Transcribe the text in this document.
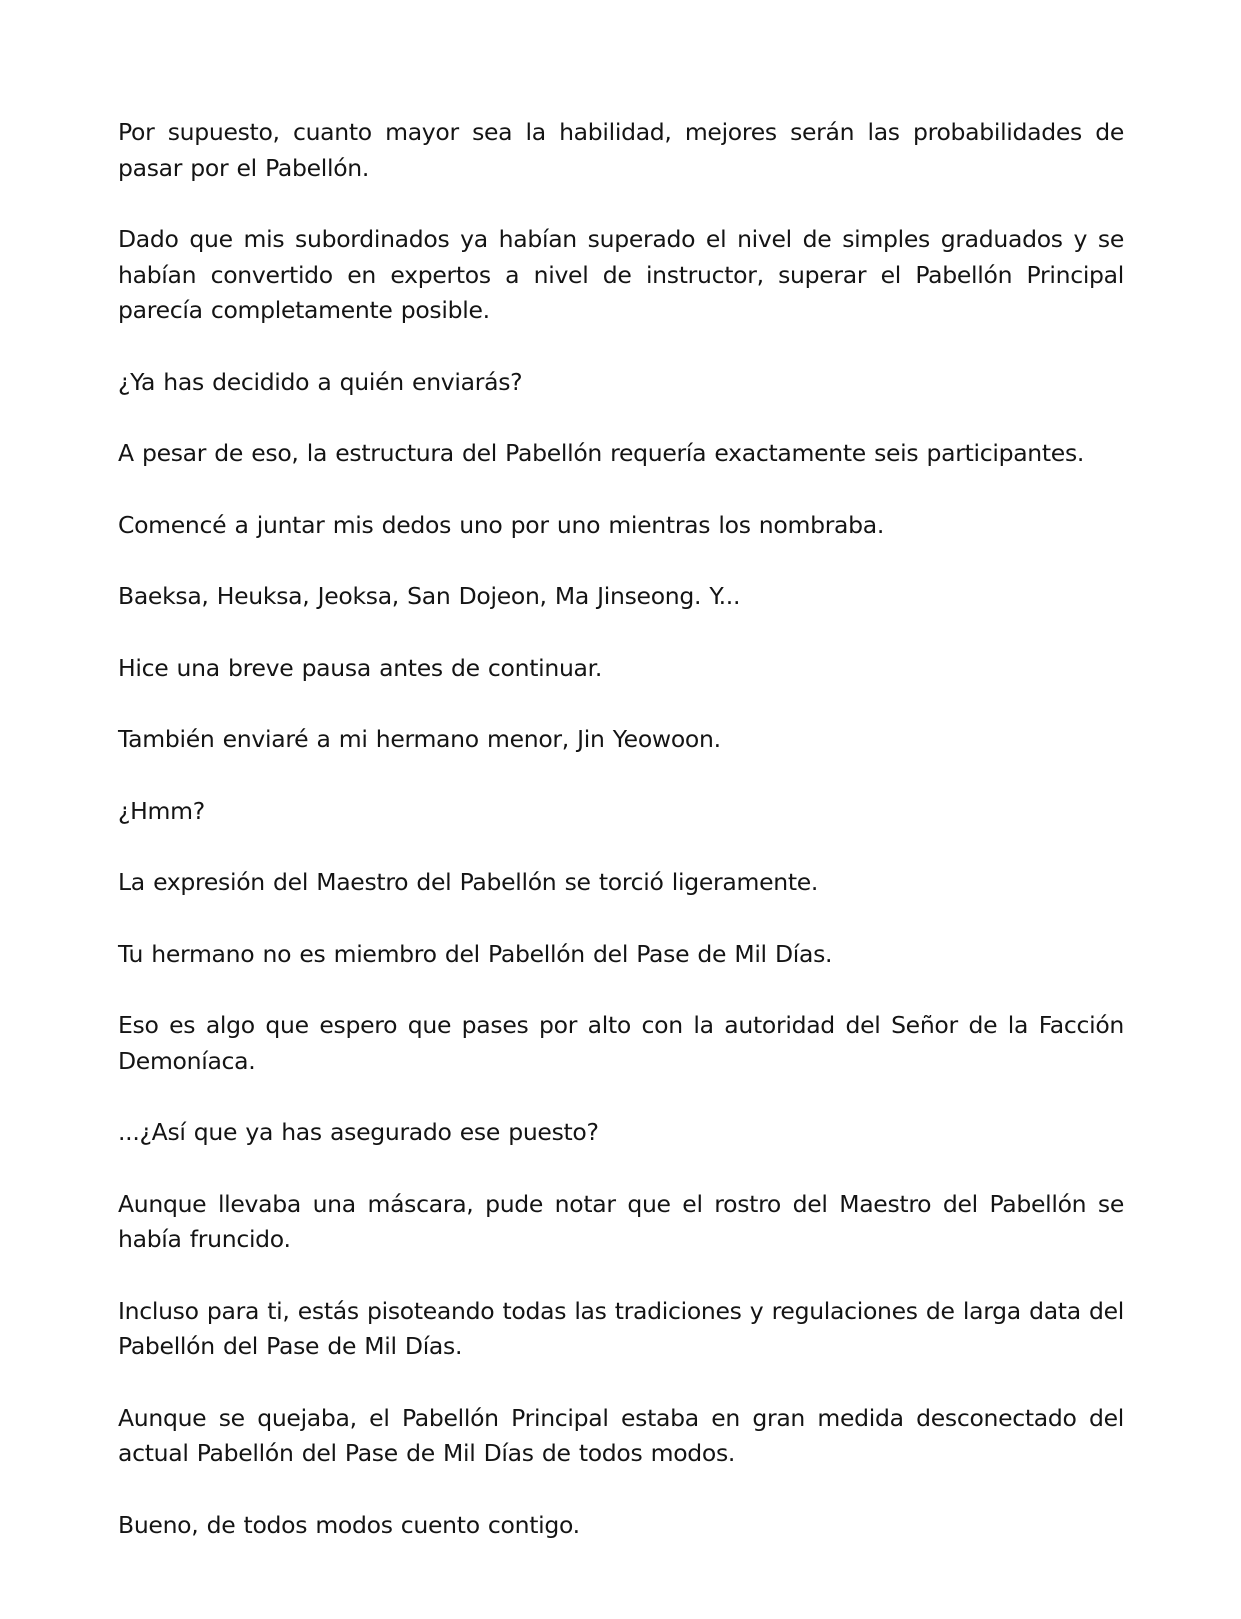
Por supuesto, cuanto mayor sea la habilidad, mejores serán las probabilidades de pasar por el Pabellón.

Dado que mis subordinados ya habían superado el nivel de simples graduados y se habían convertido en expertos a nivel de instructor, superar el Pabellón Principal parecía completamente posible.

¿Ya has decidido a quién enviarás?

A pesar de eso, la estructura del Pabellón requería exactamente seis participantes.

Comencé a juntar mis dedos uno por uno mientras los nombraba.

Baeksa, Heuksa, Jeoksa, San Dojeon, Ma Jinseong. Y...

Hice una breve pausa antes de continuar.

También enviaré a mi hermano menor, Jin Yeowoon.

¿Hmm?

La expresión del Maestro del Pabellón se torció ligeramente.

Tu hermano no es miembro del Pabellón del Pase de Mil Días.

Eso es algo que espero que pases por alto con la autoridad del Señor de la Facción Demoníaca.

...¿Así que ya has asegurado ese puesto?

Aunque llevaba una máscara, pude notar que el rostro del Maestro del Pabellón se había fruncido.

Incluso para ti, estás pisoteando todas las tradiciones y regulaciones de larga data del Pabellón del Pase de Mil Días.

Aunque se quejaba, el Pabellón Principal estaba en gran medida desconectado del actual Pabellón del Pase de Mil Días de todos modos.

Bueno, de todos modos cuento contigo.
